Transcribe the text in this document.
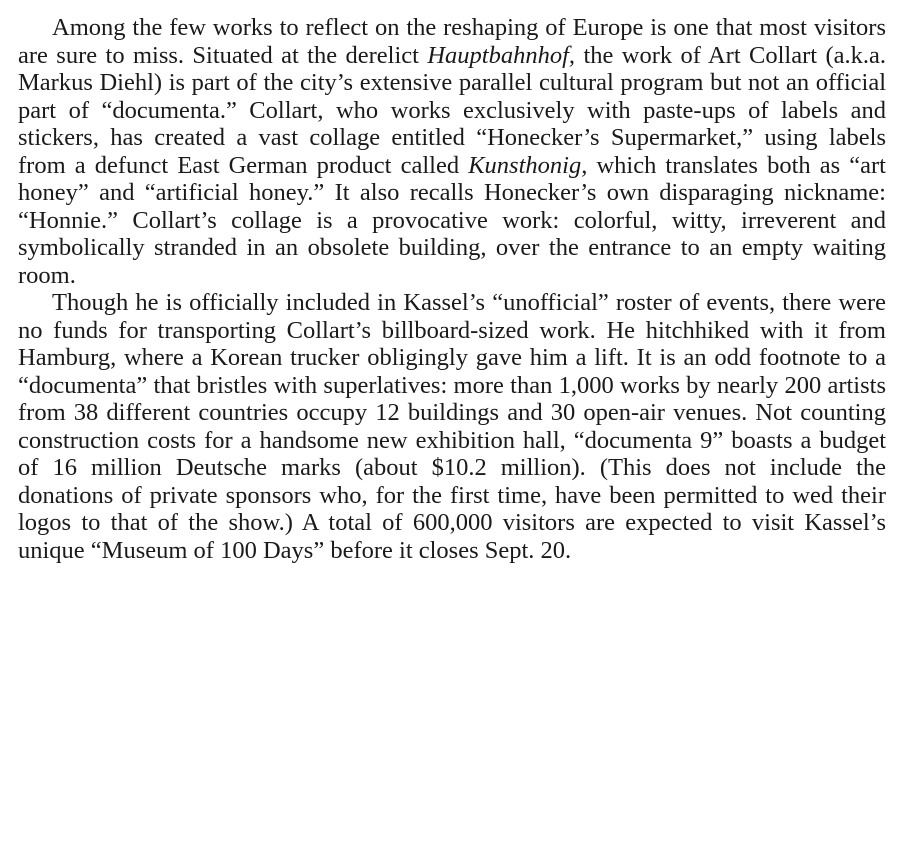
Among the few works to reflect on the reshaping of Europe is one that most visitors are sure to miss. Situated at the derelict Hauptbahnhof, the work of Art Collart (a.k.a. Markus Diehl) is part of the city’s extensive parallel cultural program but not an official part of “documenta.” Collart, who works exclusively with paste-ups of labels and stickers, has created a vast collage entitled “Honecker’s Supermarket,” using labels from a defunct East German product called Kunsthonig, which translates both as “art honey” and “artificial honey.” It also recalls Honecker’s own disparaging nickname: “Honnie.” Collart’s collage is a provocative work: colorful, witty, irreverent and symbolically stranded in an obsolete building, over the entrance to an empty waiting room.

Though he is officially included in Kassel’s “unofficial” roster of events, there were no funds for transporting Collart’s billboard-sized work. He hitchhiked with it from Hamburg, where a Korean trucker obligingly gave him a lift. It is an odd footnote to a “documenta” that bristles with superlatives: more than 1,000 works by nearly 200 artists from 38 different countries occupy 12 buildings and 30 open-air venues. Not counting construction costs for a handsome new exhibition hall, “documenta 9” boasts a budget of 16 million Deutsche marks (about $10.2 million). (This does not include the donations of private sponsors who, for the first time, have been permitted to wed their logos to that of the show.) A total of 600,000 visitors are expected to visit Kassel’s unique “Museum of 100 Days” before it closes Sept. 20.
